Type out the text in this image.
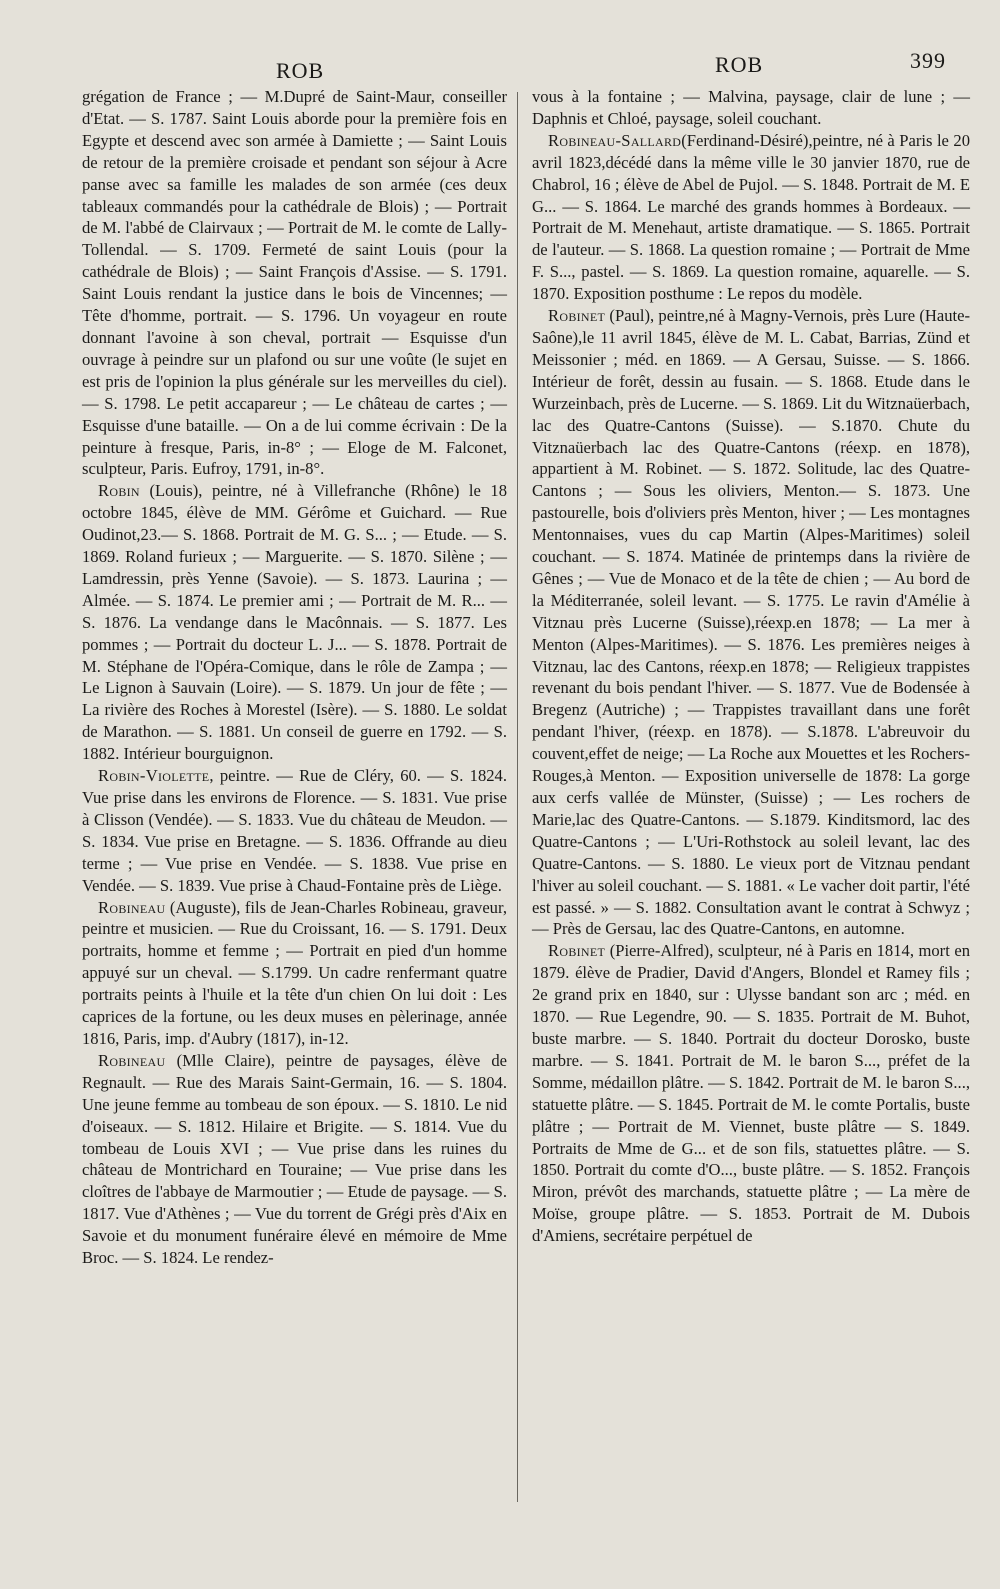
ROB	ROB	399

grégation de France ; — M.Dupré de Saint-Maur, conseiller d'Etat. — S. 1787. Saint Louis aborde pour la première fois en Egypte et descend avec son armée à Damiette ; — Saint Louis de retour de la première croisade et pendant son séjour à Acre panse avec sa famille les malades de son armée (ces deux tableaux commandés pour la cathédrale de Blois) ; — Portrait de M. l'abbé de Clairvaux ; — Portrait de M. le comte de Lally-Tollendal. — S. 1709. Fermeté de saint Louis (pour la cathédrale de Blois) ; — Saint François d'Assise. — S. 1791. Saint Louis rendant la justice dans le bois de Vincennes; — Tête d'homme, portrait. — S. 1796. Un voyageur en route donnant l'avoine à son cheval, portrait — Esquisse d'un ouvrage à peindre sur un plafond ou sur une voûte (le sujet en est pris de l'opinion la plus générale sur les merveilles du ciel). — S. 1798. Le petit accapareur ; — Le château de cartes ; — Esquisse d'une bataille. — On a de lui comme écrivain : De la peinture à fresque, Paris, in-8° ; — Eloge de M. Falconet, sculpteur, Paris. Eufroy, 1791, in-8°.

Robin (Louis), peintre, né à Villefranche (Rhône) le 18 octobre 1845, élève de MM. Gérôme et Guichard. — Rue Oudinot,23.— S. 1868. Portrait de M. G. S... ; — Etude. — S. 1869. Roland furieux ; — Marguerite. — S. 1870. Silène ; — Lamdressin, près Yenne (Savoie). — S. 1873. Laurina ; — Almée. — S. 1874. Le premier ami ; — Portrait de M. R... — S. 1876. La vendange dans le Macônnais. — S. 1877. Les pommes ; — Portrait du docteur L. J... — S. 1878. Portrait de M. Stéphane de l'Opéra-Comique, dans le rôle de Zampa ; — Le Lignon à Sauvain (Loire). — S. 1879. Un jour de fête ; — La rivière des Roches à Morestel (Isère). — S. 1880. Le soldat de Marathon. — S. 1881. Un conseil de guerre en 1792. — S. 1882. Intérieur bourguignon.

Robin-Violette, peintre. — Rue de Cléry, 60. — S. 1824. Vue prise dans les environs de Florence. — S. 1831. Vue prise à Clisson (Vendée). — S. 1833. Vue du château de Meudon. — S. 1834. Vue prise en Bretagne. — S. 1836. Offrande au dieu terme ; — Vue prise en Vendée. — S. 1838. Vue prise en Vendée. — S. 1839. Vue prise à Chaud-Fontaine près de Liège.

Robineau (Auguste), fils de Jean-Charles Robineau, graveur, peintre et musicien. — Rue du Croissant, 16. — S. 1791. Deux portraits, homme et femme ; — Portrait en pied d'un homme appuyé sur un cheval. — S.1799. Un cadre renfermant quatre portraits peints à l'huile et la tête d'un chien On lui doit : Les caprices de la fortune, ou les deux muses en pèlerinage, année 1816, Paris, imp. d'Aubry (1817), in-12.

Robineau (Mlle Claire), peintre de paysages, élève de Regnault. — Rue des Marais Saint-Germain, 16. — S. 1804. Une jeune femme au tombeau de son époux. — S. 1810. Le nid d'oiseaux. — S. 1812. Hilaire et Brigite. — S. 1814. Vue du tombeau de Louis XVI ; — Vue prise dans les ruines du château de Montrichard en Touraine; — Vue prise dans les cloîtres de l'abbaye de Marmoutier ; — Etude de paysage. — S. 1817. Vue d'Athènes ; — Vue du torrent de Grégi près d'Aix en Savoie et du monument funéraire élevé en mémoire de Mme Broc. — S. 1824. Le rendez-

vous à la fontaine ; — Malvina, paysage, clair de lune ; — Daphnis et Chloé, paysage, soleil couchant.

Robineau-Sallard(Ferdinand-Désiré),peintre, né à Paris le 20 avril 1823,décédé dans la même ville le 30 janvier 1870, rue de Chabrol, 16 ; élève de Abel de Pujol. — S. 1848. Portrait de M. E G... — S. 1864. Le marché des grands hommes à Bordeaux. — Portrait de M. Menehaut, artiste dramatique. — S. 1865. Portrait de l'auteur. — S. 1868. La question romaine ; — Portrait de Mme F. S..., pastel. — S. 1869. La question romaine, aquarelle. — S. 1870. Exposition posthume : Le repos du modèle.

Robinet (Paul), peintre,né à Magny-Vernois, près Lure (Haute-Saône),le 11 avril 1845, élève de M. L. Cabat, Barrias, Zünd et Meissonier ; méd. en 1869. — A Gersau, Suisse. — S. 1866. Intérieur de forêt, dessin au fusain. — S. 1868. Etude dans le Wurzeinbach, près de Lucerne. — S. 1869. Lit du Witznaüerbach, lac des Quatre-Cantons (Suisse). — S.1870. Chute du Vitznaüerbach lac des Quatre-Cantons (réexp. en 1878), appartient à M. Robinet. — S. 1872. Solitude, lac des Quatre-Cantons ; — Sous les oliviers, Menton.— S. 1873. Une pastourelle, bois d'oliviers près Menton, hiver ; — Les montagnes Mentonnaises, vues du cap Martin (Alpes-Maritimes) soleil couchant. — S. 1874. Matinée de printemps dans la rivière de Gênes ; — Vue de Monaco et de la tête de chien ; — Au bord de la Méditerranée, soleil levant. — S. 1775. Le ravin d'Amélie à Vitznau près Lucerne (Suisse),réexp.en 1878; — La mer à Menton (Alpes-Maritimes). — S. 1876. Les premières neiges à Vitznau, lac des Cantons, réexp.en 1878; — Religieux trappistes revenant du bois pendant l'hiver. — S. 1877. Vue de Bodensée à Bregenz (Autriche) ; — Trappistes travaillant dans une forêt pendant l'hiver, (réexp. en 1878). — S.1878. L'abreuvoir du couvent,effet de neige; — La Roche aux Mouettes et les Rochers-Rouges,à Menton. — Exposition universelle de 1878: La gorge aux cerfs vallée de Münster, (Suisse) ; — Les rochers de Marie,lac des Quatre-Cantons. — S.1879. Kinditsmord, lac des Quatre-Cantons ; — L'Uri-Rothstock au soleil levant, lac des Quatre-Cantons. — S. 1880. Le vieux port de Vitznau pendant l'hiver au soleil couchant. — S. 1881. « Le vacher doit partir, l'été est passé. » — S. 1882. Consultation avant le contrat à Schwyz ; — Près de Gersau, lac des Quatre-Cantons, en automne.

Robinet (Pierre-Alfred), sculpteur, né à Paris en 1814, mort en 1879. élève de Pradier, David d'Angers, Blondel et Ramey fils ; 2e grand prix en 1840, sur : Ulysse bandant son arc ; méd. en 1870. — Rue Legendre, 90. — S. 1835. Portrait de M. Buhot, buste marbre. — S. 1840. Portrait du docteur Dorosko, buste marbre. — S. 1841. Portrait de M. le baron S..., préfet de la Somme, médaillon plâtre. — S. 1842. Portrait de M. le baron S..., statuette plâtre. — S. 1845. Portrait de M. le comte Portalis, buste plâtre ; — Portrait de M. Viennet, buste plâtre — S. 1849. Portraits de Mme de G... et de son fils, statuettes plâtre. — S. 1850. Portrait du comte d'O..., buste plâtre. — S. 1852. François Miron, prévôt des marchands, statuette plâtre ; — La mère de Moïse, groupe plâtre. — S. 1853. Portrait de M. Dubois d'Amiens, secrétaire perpétuel de
